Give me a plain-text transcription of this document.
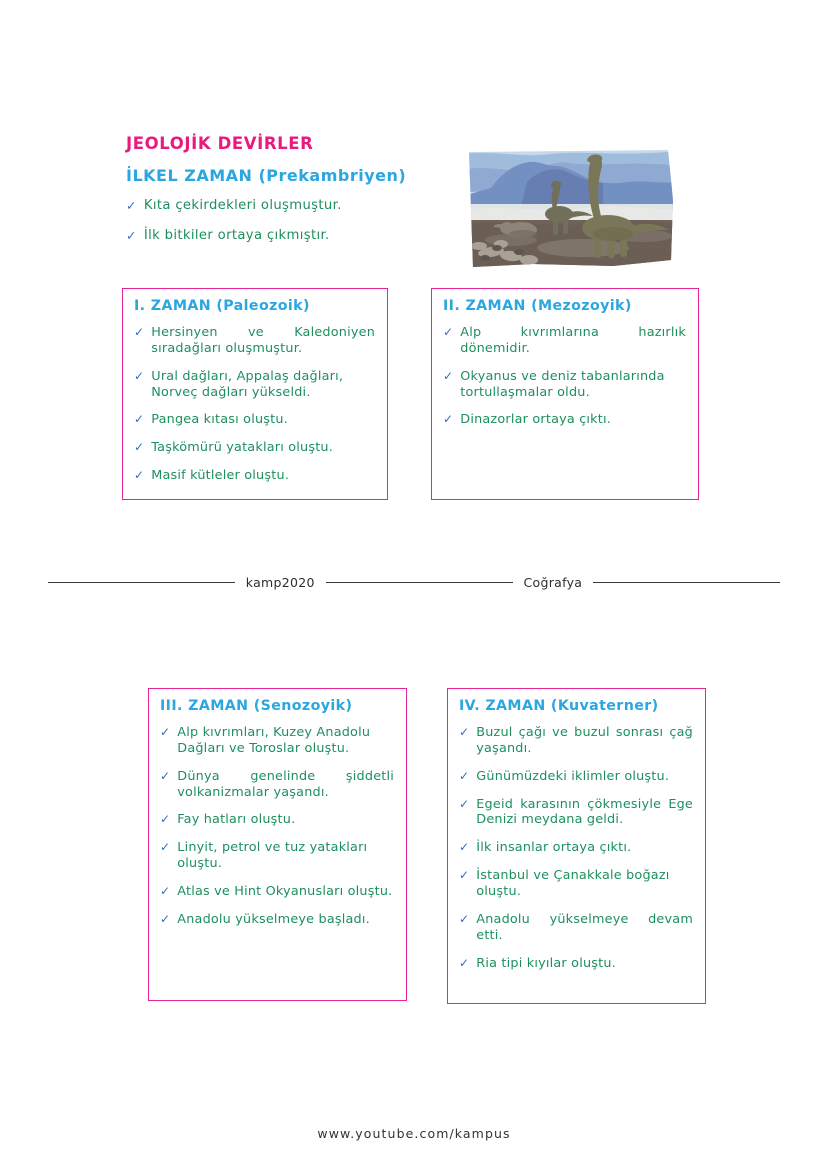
JEOLOJİK DEVİRLER
İLKEL ZAMAN (Prekambriyen)
✓ Kıta çekirdekleri oluşmuştur.
✓ İlk bitkiler ortaya çıkmıştır.
I. ZAMAN (Paleozoik)
✓ Hersinyen ve Kaledoniyen sıradağları oluşmuştur.
✓ Ural dağları, Appalaş dağları, Norveç dağları yükseldi.
✓ Pangea kıtası oluştu.
✓ Taşkömürü yatakları oluştu.
✓ Masif kütleler oluştu.
II. ZAMAN (Mezozoyik)
✓ Alp kıvrımlarına hazırlık dönemidir.
✓ Okyanus ve deniz tabanlarında tortullaşmalar oldu.
✓ Dinazorlar ortaya çıktı.
III. ZAMAN (Senozoyik)
✓ Alp kıvrımları, Kuzey Anadolu Dağları ve Toroslar oluştu.
✓ Dünya genelinde şiddetli volkanizmalar yaşandı.
✓ Fay hatları oluştu.
✓ Linyit, petrol ve tuz yatakları oluştu.
✓ Atlas ve Hint Okyanusları oluştu.
✓ Anadolu yükselmeye başladı.
IV. ZAMAN (Kuvaterner)
✓ Buzul çağı ve buzul sonrası çağ yaşandı.
✓ Günümüzdeki iklimler oluştu.
✓ Egeid karasının çökmesiyle Ege Denizi meydana geldi.
✓ İlk insanlar ortaya çıktı.
✓ İstanbul ve Çanakkale boğazı oluştu.
✓ Anadolu yükselmeye devam etti.
✓ Ria tipi kıyılar oluştu.
kamp2020	Coğrafya
www.youtube.com/kampus
